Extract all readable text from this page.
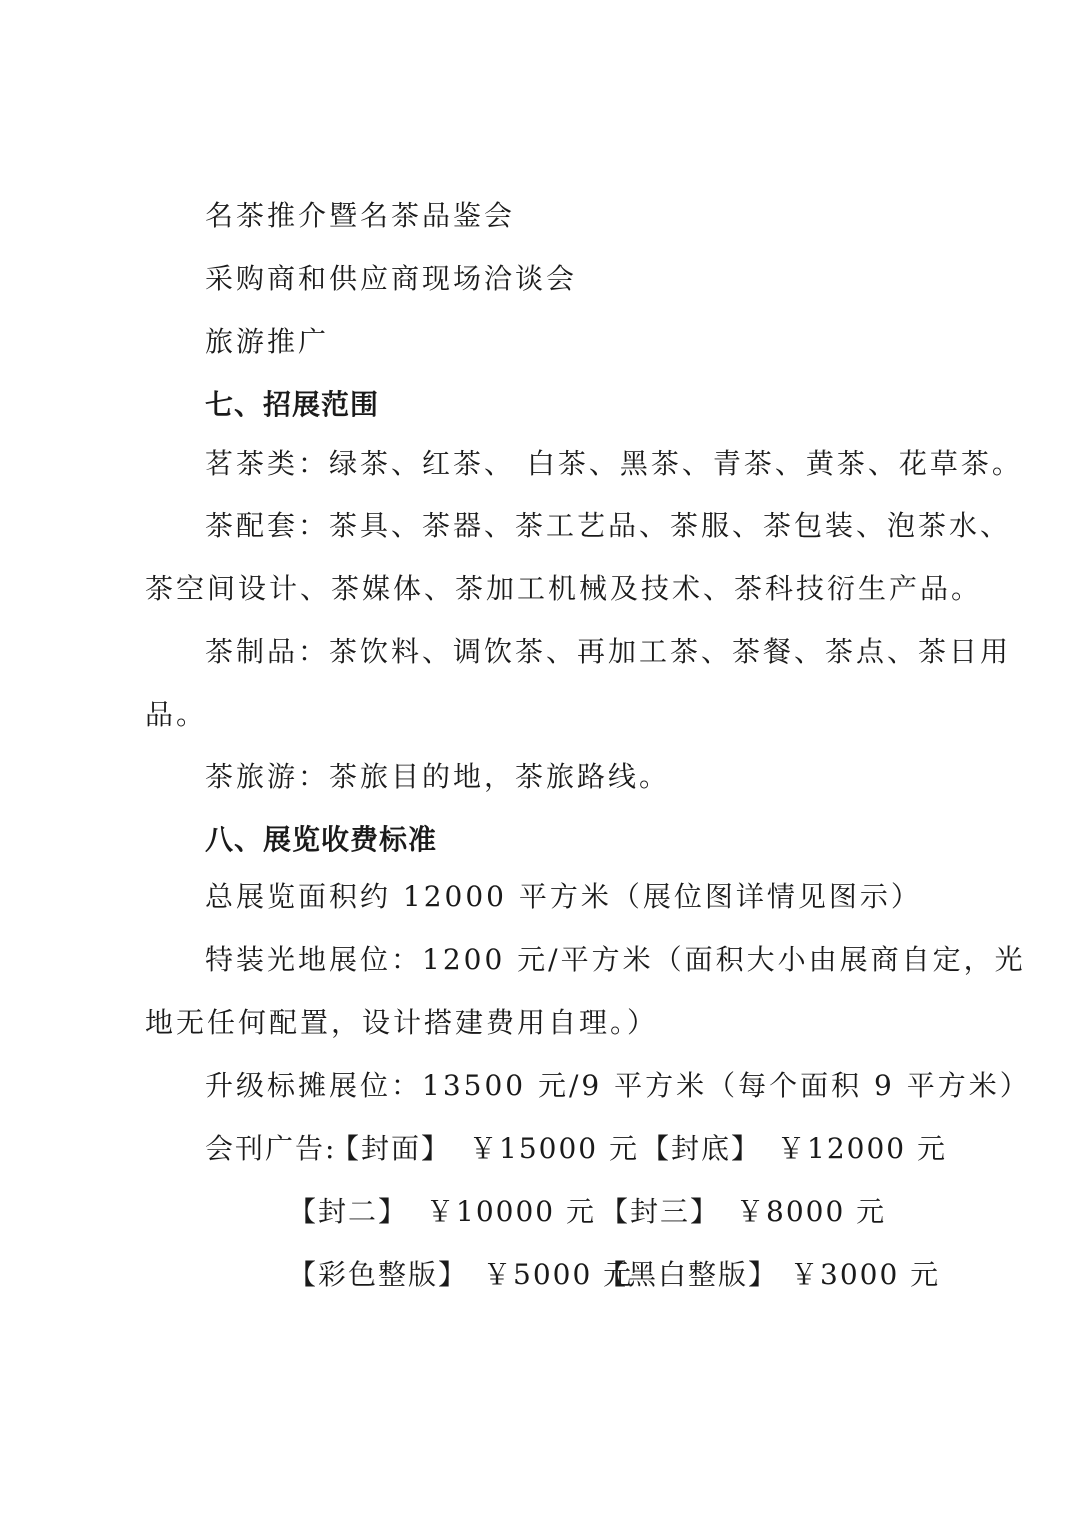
名茶推介暨名茶品鉴会
采购商和供应商现场洽谈会
旅游推广
七、招展范围
茗茶类：绿茶、红茶、 白茶、黑茶、青茶、黄茶、花草茶。
茶配套：茶具、茶器、茶工艺品、茶服、茶包装、泡茶水、
茶空间设计、茶媒体、茶加工机械及技术、茶科技衍生产品。
茶制品：茶饮料、调饮茶、再加工茶、茶餐、茶点、茶日用
品。
茶旅游：茶旅目的地，茶旅路线。
八、展览收费标准
总展览面积约 12000 平方米（展位图详情见图示）
特装光地展位：1200 元/平方米（面积大小由展商自定，光
地无任何配置，设计搭建费用自理。）
升级标摊展位：13500 元/9 平方米（每个面积 9 平方米）
会刊广告:
【封面】 ￥15000 元 【封底】 ￥12000 元
【封二】 ￥10000 元 【封三】 ￥8000 元
【彩色整版】 ￥5000 元
【黑白整版】 ￥3000 元
